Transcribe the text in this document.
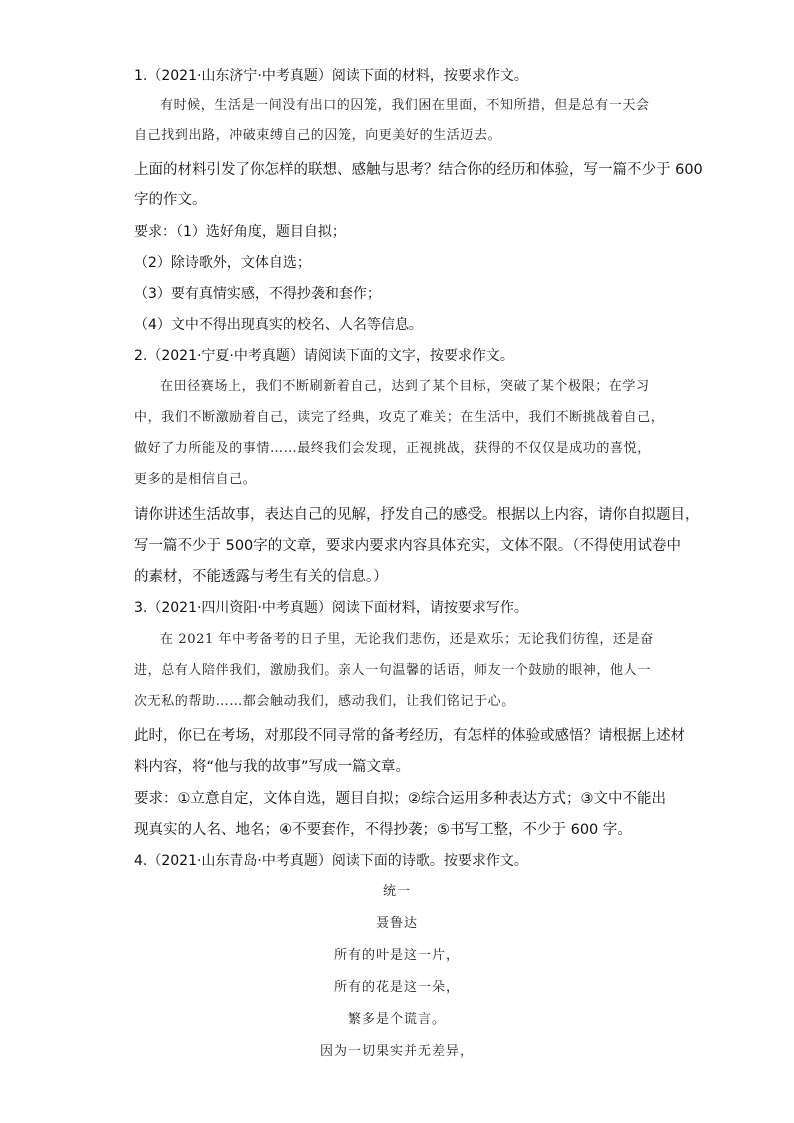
1.（2021·山东济宁·中考真题）阅读下面的材料，按要求作文。
有时候，生活是一间没有出口的囚笼，我们困在里面，不知所措，但是总有一天会
自己找到出路，冲破束缚自己的囚笼，向更美好的生活迈去。
上面的材料引发了你怎样的联想、感触与思考？结合你的经历和体验，写一篇不少于 600
字的作文。
要求：（1）选好角度，题目自拟；
（2）除诗歌外，文体自选；
（3）要有真情实感，不得抄袭和套作；
（4）文中不得出现真实的校名、人名等信息。
2.（2021·宁夏·中考真题）请阅读下面的文字，按要求作文。
在田径赛场上，我们不断刷新着自己，达到了某个目标，突破了某个极限；在学习
中，我们不断激励着自己，读完了经典，攻克了难关；在生活中，我们不断挑战着自己，
做好了力所能及的事情……最终我们会发现，正视挑战，获得的不仅仅是成功的喜悦，
更多的是相信自己。
请你讲述生活故事，表达自己的见解，抒发自己的感受。根据以上内容，请你自拟题目，
写一篇不少于 500字的文章，要求内要求内容具体充实，文体不限。（不得使用试卷中
的素材，不能透露与考生有关的信息。）
3.（2021·四川资阳·中考真题）阅读下面材料，请按要求写作。
在 2021 年中考备考的日子里，无论我们悲伤，还是欢乐；无论我们彷徨，还是奋
进，总有人陪伴我们，激励我们。亲人一句温馨的话语，师友一个鼓励的眼神，他人一
次无私的帮助……都会触动我们，感动我们，让我们铭记于心。
此时，你已在考场，对那段不同寻常的备考经历，有怎样的体验或感悟？请根据上述材
料内容，将“他与我的故事”写成一篇文章。
要求：①立意自定，文体自选，题目自拟；②综合运用多种表达方式；③文中不能出
现真实的人名、地名；④不要套作，不得抄袭；⑤书写工整，不少于 600 字。
4.（2021·山东青岛·中考真题）阅读下面的诗歌。按要求作文。
统一
聂鲁达
所有的叶是这一片，
所有的花是这一朵，
繁多是个谎言。
因为一切果实并无差异，
